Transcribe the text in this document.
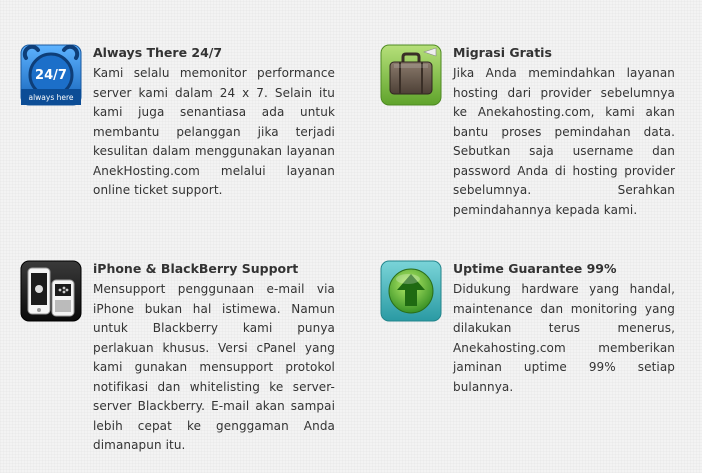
24/7
always here
Always There 24/7

Kami selalu memonitor performance server kami dalam 24 x 7. Selain itu kami juga senantiasa ada untuk membantu pelanggan jika terjadi kesulitan dalam menggunakan layanan AnekHosting.com melalui layanan online ticket support.

Migrasi Gratis

Jika Anda memindahkan layanan hosting dari provider sebelumnya ke Anekahosting.com, kami akan bantu proses pemindahan data. Sebutkan saja username dan password Anda di hosting provider sebelumnya. Serahkan pemindahannya kepada kami.

iPhone & BlackBerry Support

Mensupport penggunaan e-mail via iPhone bukan hal istimewa. Namun untuk Blackberry kami punya perlakuan khusus. Versi cPanel yang kami gunakan mensupport protokol notifikasi dan whitelisting ke server-server Blackberry. E-mail akan sampai lebih cepat ke genggaman Anda dimanapun itu.

Uptime Guarantee 99%

Didukung hardware yang handal, maintenance dan monitoring yang dilakukan terus menerus, Anekahosting.com memberikan jaminan uptime 99% setiap bulannya.
